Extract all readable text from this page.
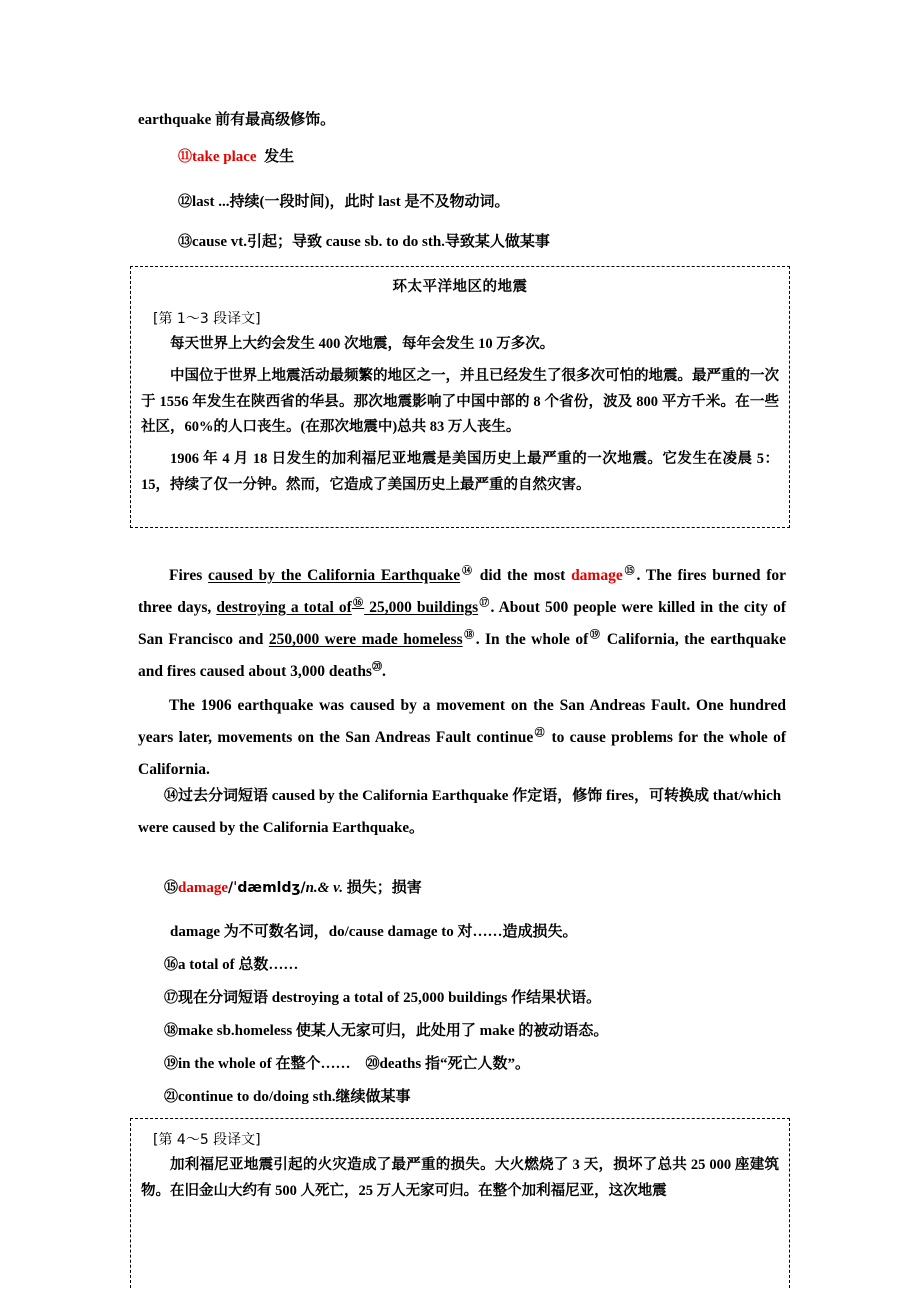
earthquake 前有最高级修饰。
⑪take place 发生
⑫last ...持续(一段时间)，此时 last 是不及物动词。
⑬cause vt.引起；导致 cause sb. to do sth.导致某人做某事
环太平洋地区的地震
[第 1～3 段译文]
每天世界上大约会发生 400 次地震，每年会发生 10 万多次。
中国位于世界上地震活动最频繁的地区之一，并且已经发生了很多次可怕的地震。最严重的一次于 1556 年发生在陕西省的华县。那次地震影响了中国中部的 8 个省份，波及 800 平方千米。在一些社区，60%的人口丧生。(在那次地震中)总共 83 万人丧生。
1906 年 4 月 18 日发生的加利福尼亚地震是美国历史上最严重的一次地震。它发生在凌晨 5：15，持续了仅一分钟。然而，它造成了美国历史上最严重的自然灾害。
Fires caused by the California Earthquake⑭ did the most damage⑮. The fires burned for three days, destroying a total of⑯ 25,000 buildings⑰. About 500 people were killed in the city of San Francisco and 250,000 were made homeless⑱. In the whole of⑲ California, the earthquake and fires caused about 3,000 deaths⑳.
The 1906 earthquake was caused by a movement on the San Andreas Fault. One hundred years later, movements on the San Andreas Fault continue$^㉑$ to cause problems for the whole of California.
⑭过去分词短语 caused by the California Earthquake 作定语，修饰 fires，可转换成 that/which were caused by the California Earthquake。
⑮damage/ˈdæmldʒ/n.& v. 损失；损害
damage 为不可数名词，do/cause damage to 对……造成损失。
⑯a total of 总数……
⑰现在分词短语 destroying a total of 25,000 buildings 作结果状语。
⑱make sb.homeless 使某人无家可归，此处用了 make 的被动语态。
⑲in the whole of 在整个…… ⑳deaths 指“死亡人数”。
㉑continue to do/doing sth.继续做某事
[第 4～5 段译文]
加利福尼亚地震引起的火灾造成了最严重的损失。大火燃烧了 3 天，损坏了总共 25 000 座建筑物。在旧金山大约有 500 人死亡，25 万人无家可归。在整个加利福尼亚，这次地震
